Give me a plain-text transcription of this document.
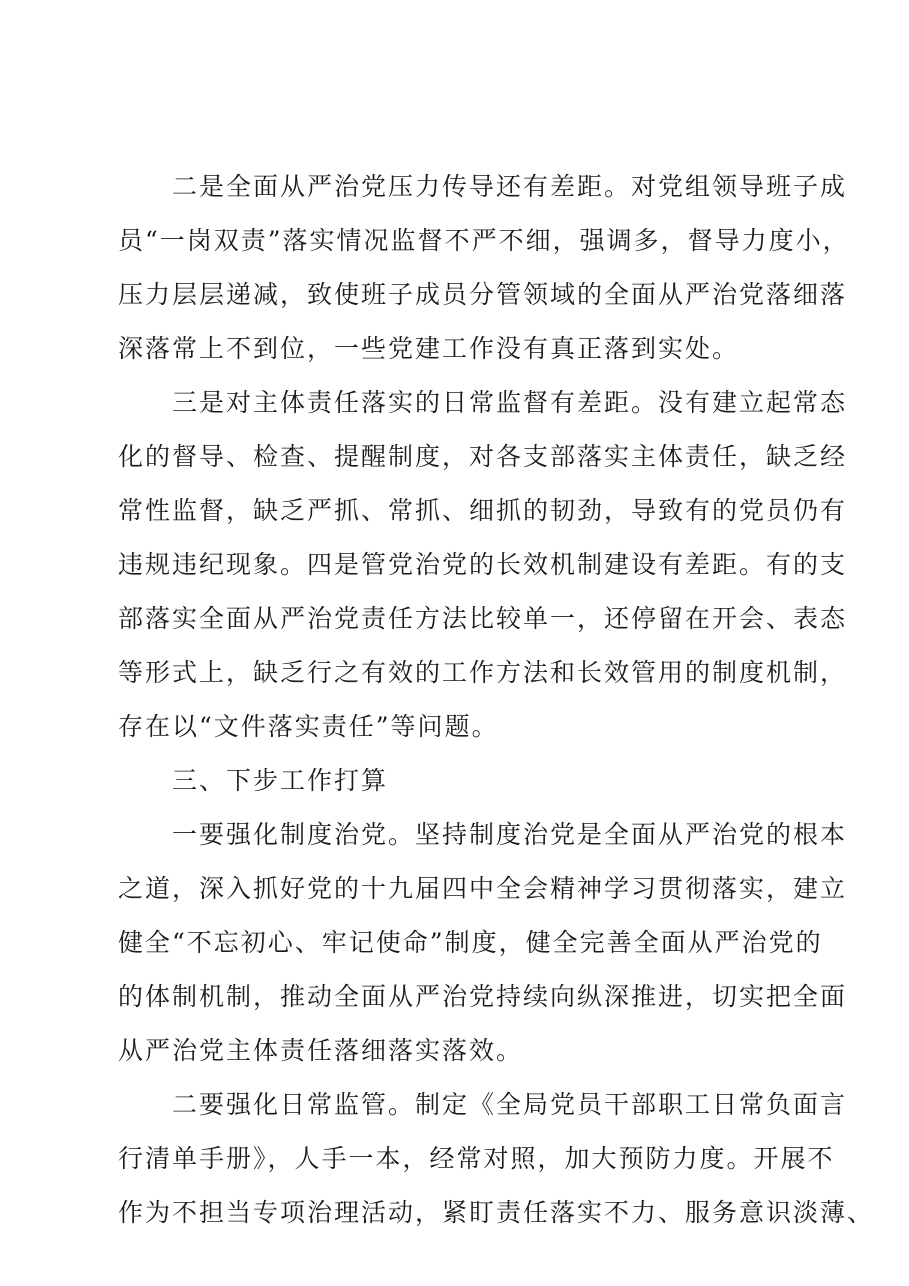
二是全面从严治党压力传导还有差距。对党组领导班子成
员“一岗双责”落实情况监督不严不细，强调多，督导力度小，
压力层层递减，致使班子成员分管领域的全面从严治党落细落
深落常上不到位，一些党建工作没有真正落到实处。
三是对主体责任落实的日常监督有差距。没有建立起常态
化的督导、检查、提醒制度，对各支部落实主体责任，缺乏经
常性监督，缺乏严抓、常抓、细抓的韧劲，导致有的党员仍有
违规违纪现象。四是管党治党的长效机制建设有差距。有的支
部落实全面从严治党责任方法比较单一，还停留在开会、表态
等形式上，缺乏行之有效的工作方法和长效管用的制度机制，
存在以“文件落实责任”等问题。
三、下步工作打算
一要强化制度治党。坚持制度治党是全面从严治党的根本
之道，深入抓好党的十九届四中全会精神学习贯彻落实，建立
健全“不忘初心、牢记使命”制度，健全完善全面从严治党的
的体制机制，推动全面从严治党持续向纵深推进，切实把全面
从严治党主体责任落细落实落效。
二要强化日常监管。制定《全局党员干部职工日常负面言
行清单手册》，人手一本，经常对照，加大预防力度。开展不
作为不担当专项治理活动，紧盯责任落实不力、服务意识淡薄、
